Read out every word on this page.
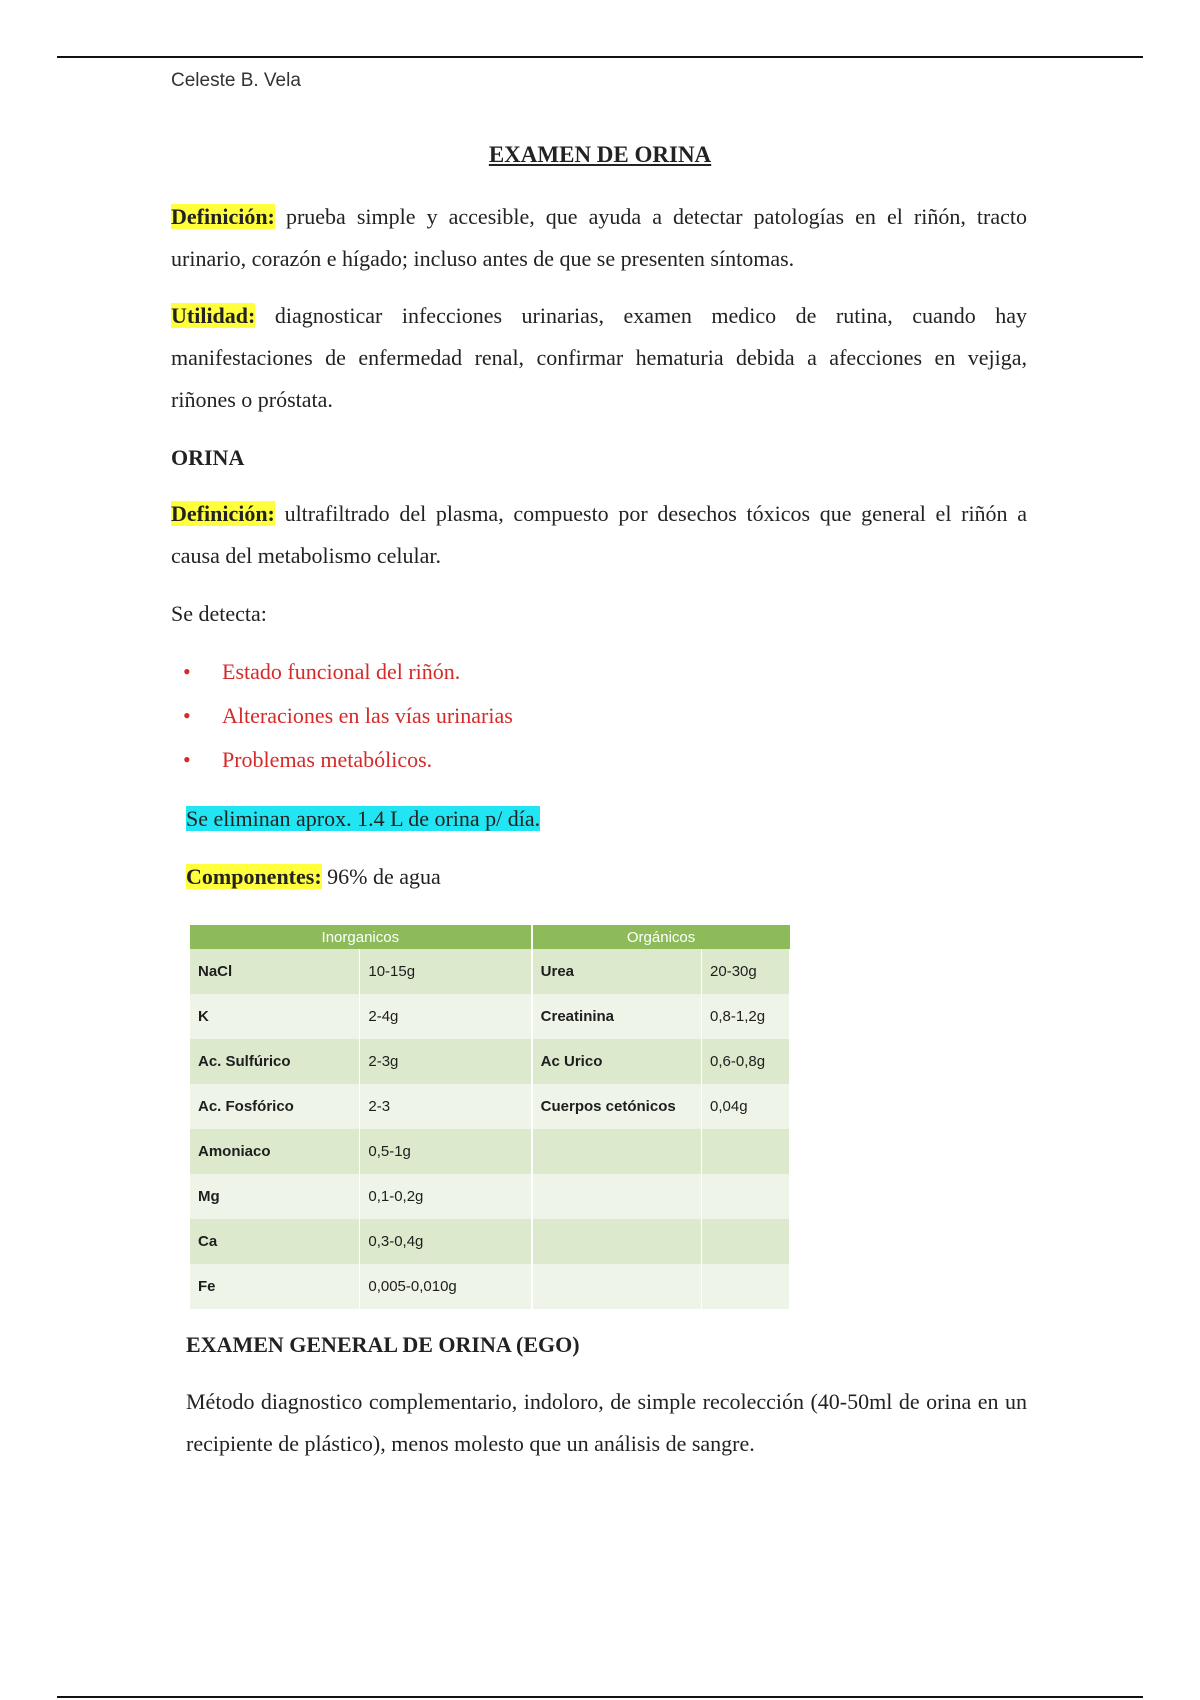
Celeste B. Vela
EXAMEN DE ORINA

Definición: prueba simple y accesible, que ayuda a detectar patologías en el riñón, tracto urinario, corazón e hígado; incluso antes de que se presenten síntomas.

Utilidad: diagnosticar infecciones urinarias, examen medico de rutina, cuando hay manifestaciones de enfermedad renal, confirmar hematuria debida a afecciones en vejiga, riñones o próstata.

ORINA

Definición: ultrafiltrado del plasma, compuesto por desechos tóxicos que general el riñón a causa del metabolismo celular.

Se detecta:

• Estado funcional del riñón.
• Alteraciones en las vías urinarias
• Problemas metabólicos.

Se eliminan aprox. 1.4 L de orina p/ día.

Componentes: 96% de agua

Inorganicos		Orgánicos	
NaCl	10-15g	Urea	20-30g
K	2-4g	Creatinina	0,8-1,2g
Ac. Sulfúrico	2-3g	Ac Urico	0,6-0,8g
Ac. Fosfórico	2-3	Cuerpos cetónicos	0,04g
Amoniaco	0,5-1g		
Mg	0,1-0,2g		
Ca	0,3-0,4g		
Fe	0,005-0,010g		
EXAMEN GENERAL DE ORINA (EGO)

Método diagnostico complementario, indoloro, de simple recolección (40-50ml de orina en un recipiente de plástico), menos molesto que un análisis de sangre.
